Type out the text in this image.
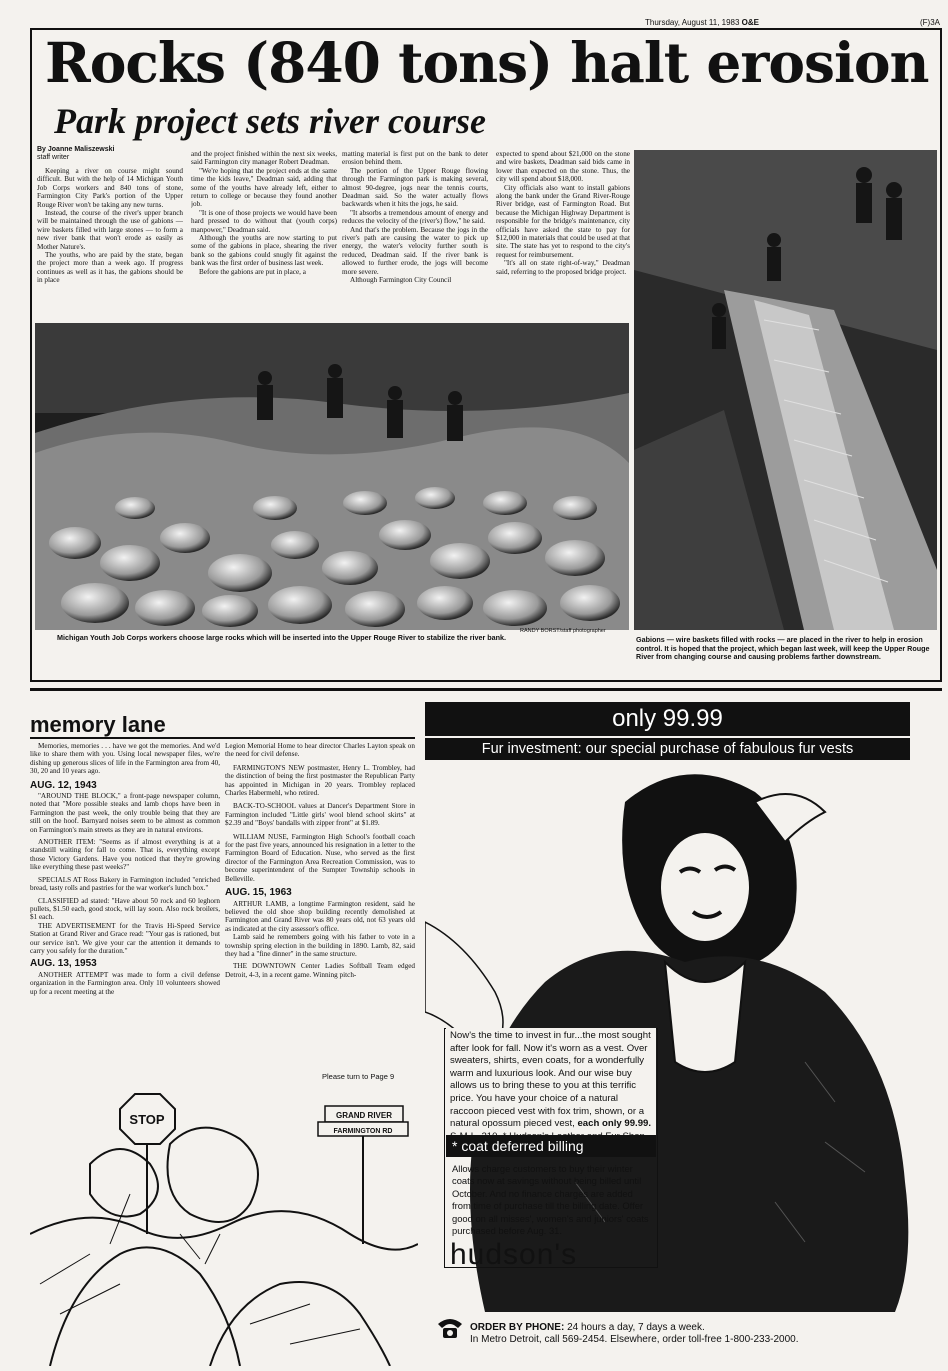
Thursday, August 11, 1983 O&E	(F)3A
Rocks (840 tons) halt erosion
Park project sets river course
By Joanne Maliszewski
staff writer

Keeping a river on course might sound difficult. But with the help of 14 Michigan Youth Job Corps workers and 840 tons of stone, Farmington City Park's portion of the Upper Rouge River won't be taking any new turns.

Instead, the course of the river's upper branch will be maintained through the use of gabions — wire baskets filled with large stones — to form a new river bank that won't erode as easily as Mother Nature's.

The youths, who are paid by the state, began the project more than a week ago. If progress continues as well as it has, the gabions should be in place

and the project finished within the next six weeks, said Farmington city manager Robert Deadman.

"We're hoping that the project ends at the same time the kids leave," Deadman said, adding that some of the youths have already left, either to return to college or because they found another job.

"It is one of those projects we would have been hard pressed to do without that (youth corps) manpower," Deadman said.

Although the youths are now starting to put some of the gabions in place, shearing the river bank so the gabions could snugly fit against the bank was the first order of business last week.

Before the gabions are put in place, a

matting material is first put on the bank to deter erosion behind them.

The portion of the Upper Rouge flowing through the Farmington park is making several, almost 90-degree, jogs near the tennis courts, Deadman said. So the water actually flows backwards when it hits the jogs, he said.

"It absorbs a tremendous amount of energy and reduces the velocity of the (river's) flow," he said.

And that's the problem. Because the jogs in the river's path are causing the water to pick up energy, the water's velocity further south is reduced, Deadman said. If the river bank is allowed to further erode, the jogs will become more severe.

Although Farmington City Council

expected to spend about $21,000 on the stone and wire baskets, Deadman said bids came in lower than expected on the stone. Thus, the city will spend about $18,000.

City officials also want to install gabions along the bank under the Grand River-Rouge River bridge, east of Farmington Road. But because the Michigan Highway Department is responsible for the bridge's maintenance, city officials have asked the state to pay for $12,000 in materials that could be used at that site. The state has yet to respond to the city's request for reimbursement.

"It's all on state right-of-way," Deadman said, referring to the proposed bridge project.

Michigan Youth Job Corps workers choose large rocks which will be inserted into the Upper Rouge River to stabilize the river bank.
RANDY BORST/staff photographer
Gabions — wire baskets filled with rocks — are placed in the river to help in erosion control. It is hoped that the project, which began last week, will keep the Upper Rouge River from changing course and causing problems farther downstream.
memory lane

Memories, memories . . . have we got the memories. And we'd like to share them with you. Using local newspaper files, we're dishing up generous slices of life in the Farmington area from 40, 30, 20 and 10 years ago.

AUG. 12, 1943

"AROUND THE BLOCK," a front-page newspaper column, noted that "More possible steaks and lamb chops have been in Farmington the past week, the only trouble being that they are still on the hoof. Barnyard noises seem to be almost as common on Farmington's main streets as they are in natural environs.

ANOTHER ITEM: "Seems as if almost everything is at a standstill waiting for fall to come. That is, everything except those Victory Gardens. Have you noticed that they're growing like everything these past weeks?"

SPECIALS AT Ross Bakery in Farmington included "enriched bread, tasty rolls and pastries for the war worker's lunch box."

CLASSIFIED ad stated: "Have about 50 rock and 60 leghorn pullets, $1.50 each, good stock, will lay soon. Also rock broilers, $1 each.

THE ADVERTISEMENT for the Travis Hi-Speed Service Station at Grand River and Grace read: "Your gas is rationed, but our service isn't. We give your car the attention it demands to carry you safely for the duration."

AUG. 13, 1953

ANOTHER ATTEMPT was made to form a civil defense organization in the Farmington area. Only 10 volunteers showed up for a recent meeting at the

Legion Memorial Home to hear director Charles Layton speak on the need for civil defense.

FARMINGTON'S NEW postmaster, Henry L. Trombley, had the distinction of being the first postmaster the Republican Party has appointed in Michigan in 20 years. Trombley replaced Charles Habermehl, who retired.

BACK-TO-SCHOOL values at Dancer's Department Store in Farmington included "Little girls' wool blend school skirts" at $2.39 and "Boys' bandalls with zipper front" at $1.89.

WILLIAM NUSE, Farmington High School's football coach for the past five years, announced his resignation in a letter to the Farmington Board of Education. Nuse, who served as the first director of the Farmington Area Recreation Commission, was to become superintendent of the Sumpter Township schools in Belleville.

AUG. 15, 1963

ARTHUR LAMB, a longtime Farmington resident, said he believed the old shoe shop building recently demolished at Farmington and Grand River was 80 years old, not 63 years old as indicated at the city assessor's office.

Lamb said he remembers going with his father to vote in a township spring election in the building in 1890. Lamb, 82, said they had a "fine dinner" in the same structure.

THE DOWNTOWN Center Ladies Softball Team edged Detroit, 4-3, in a recent game. Winning pitch-

Please turn to Page 9
STOP	GRAND RIVER
FARMINGTON RD
only 99.99
Fur investment: our special purchase of fabulous fur vests
Now's the time to invest in fur...the most sought after look for fall. Now it's worn as a vest. Over sweaters, shirts, even coats, for a wonderfully warm and luxurious look. And our wise buy allows us to bring these to you at this terrific price. You have your choice of a natural raccoon pieced vest with fox trim, shown, or a natural opossum pieced vest, each only 99.99.
* coat deferred billing
Allows charge customers to buy their winter coats now at savings without being billed until October. And no finance charges are added from time of purchase till the billing date. Offer good on all misses', women's and juniors' coats purchased before Aug. 31.
hudson's
ORDER BY PHONE: 24 hours a day, 7 days a week.
In Metro Detroit, call 569-2454. Elsewhere, order toll-free 1-800-233-2000.
